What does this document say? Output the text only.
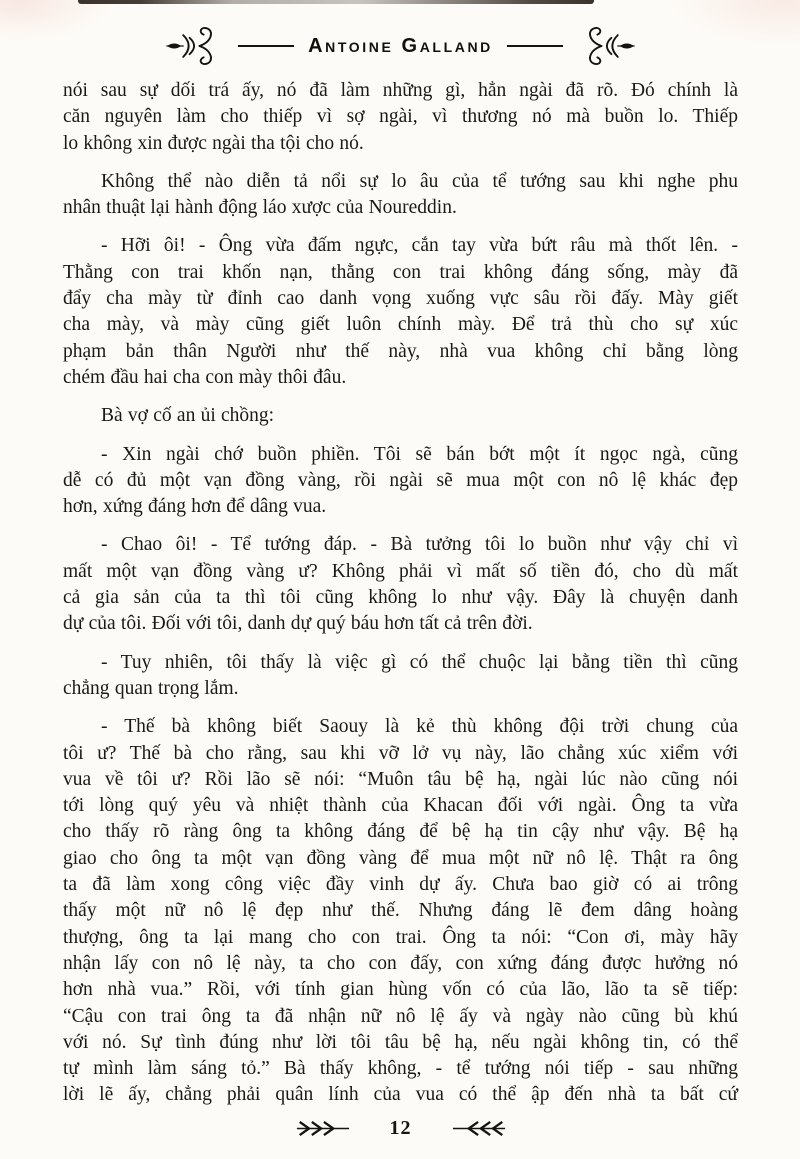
Antoine Galland
nói sau sự dối trá ấy, nó đã làm những gì, hẳn ngài đã rõ. Đó chính là
căn nguyên làm cho thiếp vì sợ ngài, vì thương nó mà buồn lo. Thiếp
lo không xin được ngài tha tội cho nó.
Không thể nào diễn tả nổi sự lo âu của tể tướng sau khi nghe phu
nhân thuật lại hành động láo xược của Noureddin.
- Hỡi ôi! - Ông vừa đấm ngực, cắn tay vừa bứt râu mà thốt lên. -
Thằng con trai khốn nạn, thằng con trai không đáng sống, mày đã
đẩy cha mày từ đỉnh cao danh vọng xuống vực sâu rồi đấy. Mày giết
cha mày, và mày cũng giết luôn chính mày. Để trả thù cho sự xúc
phạm bản thân Người như thế này, nhà vua không chỉ bằng lòng
chém đầu hai cha con mày thôi đâu.
Bà vợ cố an ủi chồng:
- Xin ngài chớ buồn phiền. Tôi sẽ bán bớt một ít ngọc ngà, cũng
dễ có đủ một vạn đồng vàng, rồi ngài sẽ mua một con nô lệ khác đẹp
hơn, xứng đáng hơn để dâng vua.
- Chao ôi! - Tể tướng đáp. - Bà tưởng tôi lo buồn như vậy chỉ vì
mất một vạn đồng vàng ư? Không phải vì mất số tiền đó, cho dù mất
cả gia sản của ta thì tôi cũng không lo như vậy. Đây là chuyện danh
dự của tôi. Đối với tôi, danh dự quý báu hơn tất cả trên đời.
- Tuy nhiên, tôi thấy là việc gì có thể chuộc lại bằng tiền thì cũng
chẳng quan trọng lắm.
- Thế bà không biết Saouy là kẻ thù không đội trời chung của
tôi ư? Thế bà cho rằng, sau khi vỡ lở vụ này, lão chẳng xúc xiểm với
vua về tôi ư? Rồi lão sẽ nói: “Muôn tâu bệ hạ, ngài lúc nào cũng nói
tới lòng quý yêu và nhiệt thành của Khacan đối với ngài. Ông ta vừa
cho thấy rõ ràng ông ta không đáng để bệ hạ tin cậy như vậy. Bệ hạ
giao cho ông ta một vạn đồng vàng để mua một nữ nô lệ. Thật ra ông
ta đã làm xong công việc đầy vinh dự ấy. Chưa bao giờ có ai trông
thấy một nữ nô lệ đẹp như thế. Nhưng đáng lẽ đem dâng hoàng
thượng, ông ta lại mang cho con trai. Ông ta nói: “Con ơi, mày hãy
nhận lấy con nô lệ này, ta cho con đấy, con xứng đáng được hưởng nó
hơn nhà vua.” Rồi, với tính gian hùng vốn có của lão, lão ta sẽ tiếp:
“Cậu con trai ông ta đã nhận nữ nô lệ ấy và ngày nào cũng bù khú
với nó. Sự tình đúng như lời tôi tâu bệ hạ, nếu ngài không tin, có thể
tự mình làm sáng tỏ.” Bà thấy không, - tể tướng nói tiếp - sau những
lời lẽ ấy, chẳng phải quân lính của vua có thể ập đến nhà ta bất cứ
12
